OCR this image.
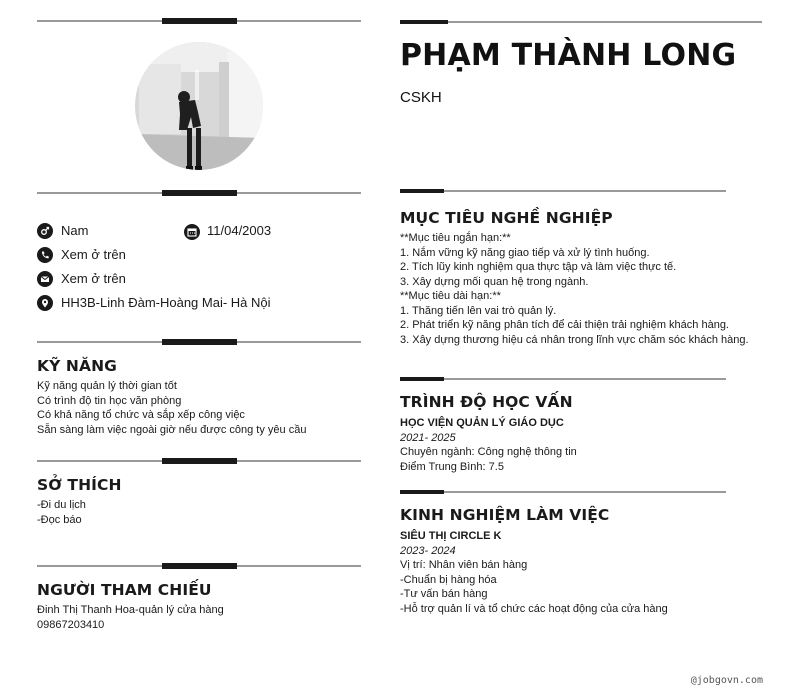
Nam	11/04/2003
Xem ở trên
Xem ở trên
HH3B-Linh Đàm-Hoàng Mai- Hà Nội
KỸ NĂNG
Kỹ năng quản lý thời gian tốt
Có trình độ tin học văn phòng
Có khả năng tổ chức và sắp xếp công việc
Sẵn sàng làm việc ngoài giờ nếu được công ty yêu cầu
SỞ THÍCH
-Đi du lịch
-Đọc báo
NGƯỜI THAM CHIẾU
Đinh Thị Thanh Hoa-quản lý cửa hàng
09867203410
PHẠM THÀNH LONG
CSKH
MỤC TIÊU NGHỀ NGHIỆP
**Mục tiêu ngắn hạn:**
1. Nắm vững kỹ năng giao tiếp và xử lý tình huống.
2. Tích lũy kinh nghiệm qua thực tập và làm việc thực tế.
3. Xây dựng mối quan hệ trong ngành.
**Mục tiêu dài hạn:**
1. Thăng tiến lên vai trò quản lý.
2. Phát triển kỹ năng phân tích để cải thiện trải nghiệm khách hàng.
3. Xây dựng thương hiệu cá nhân trong lĩnh vực chăm sóc khách hàng.
TRÌNH ĐỘ HỌC VẤN
HỌC VIỆN QUẢN LÝ GIÁO DỤC
2021- 2025
Chuyên ngành: Công nghệ thông tin
Điểm Trung Bình: 7.5
KINH NGHIỆM LÀM VIỆC
SIÊU THỊ CIRCLE K
2023- 2024
Vị trí: Nhân viên bán hàng
-Chuẩn bị hàng hóa
-Tư vấn bán hàng
-Hỗ trợ quản lí và tổ chức các hoạt động của cửa hàng
@jobgovn.com
